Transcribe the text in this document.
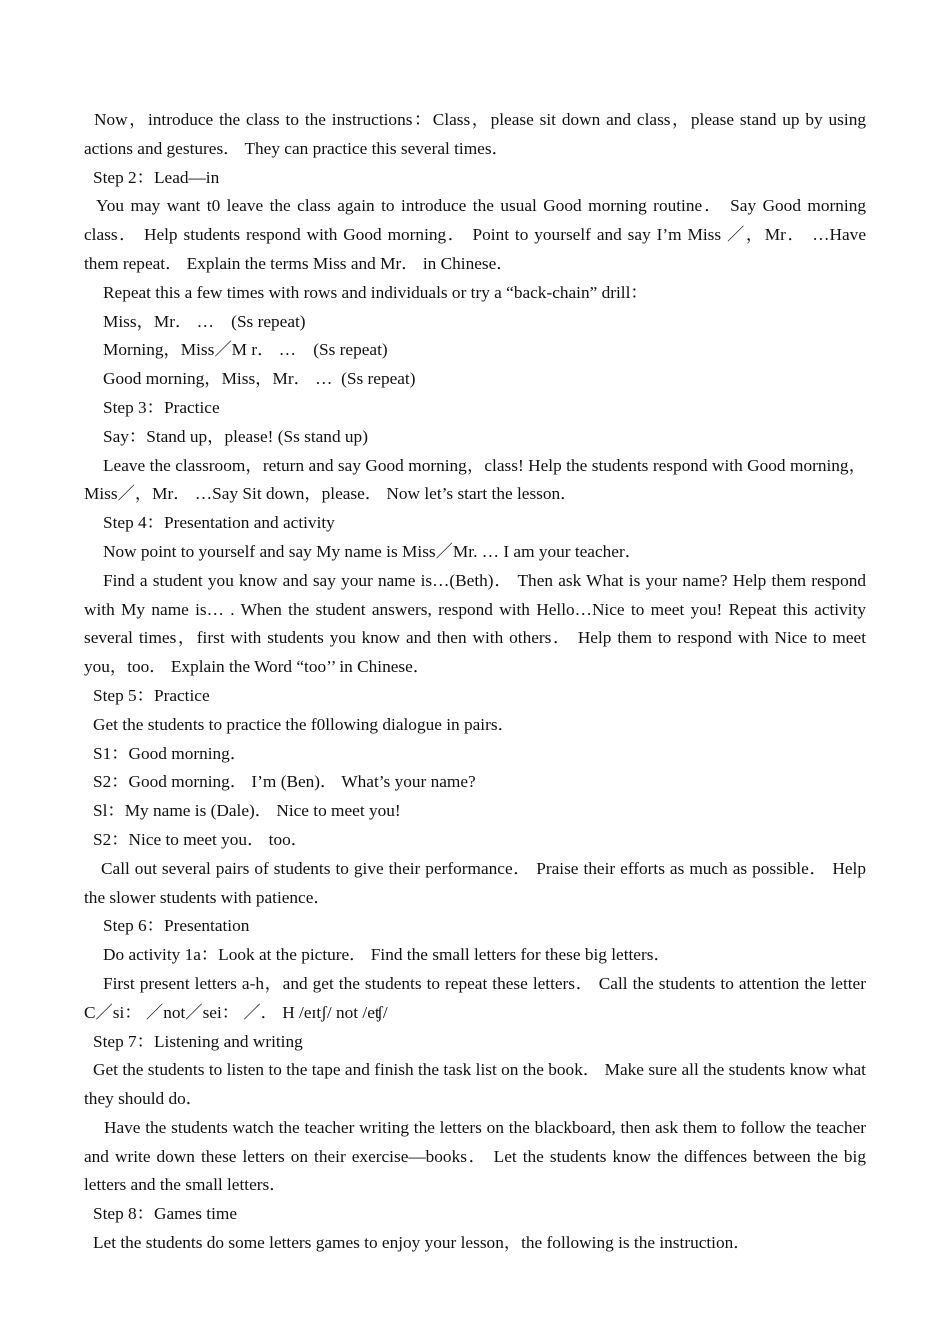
Now，introduce the class to the instructions：Class，please sit down and class，please stand up by using actions and gestures． They can practice this several times．

Step 2：Lead—in

You may want t0 leave the class again to introduce the usual Good morning routine． Say Good morning class． Help students respond with Good morning． Point to yourself and say I’m Miss ／，Mr． …Have them repeat． Explain the terms Miss and Mr． in Chinese．

Repeat this a few times with rows and individuals or try a “back-chain” drill：

Miss，Mr． …    (Ss repeat)

Morning，Miss／M r． …    (Ss repeat)

Good morning，Miss，Mr． …  (Ss repeat)

Step 3：Practice

Say：Stand up，please! (Ss stand up)

Leave the classroom，return and say Good morning，class! Help the students respond with Good morning，Miss／，Mr． …Say Sit down，please． Now let’s start the lesson．

Step 4：Presentation and activity

Now point to yourself and say My name is Miss／Mr. … I am your teacher．

Find a student you know and say your name is…(Beth)． Then ask What is your name? Help them respond with My name is… . When the student answers, respond with Hello…Nice to meet you! Repeat this activity several times，first with students you know and then with others． Help them to respond with Nice to meet you，too． Explain the Word “too’’ in Chinese．

Step 5：Practice

Get the students to practice the f0llowing dialogue in pairs．

S1：Good morning．

S2：Good morning． I’m (Ben)． What’s your name?

Sl：My name is (Dale)． Nice to meet you!

S2：Nice to meet you． too．

Call out several pairs of students to give their performance． Praise their efforts as much as possible． Help the slower students with patience．

Step 6：Presentation

Do activity 1a：Look at the picture． Find the small letters for these big letters．

First present letters a-h，and get the students to repeat these letters． Call the students to attention the letter C／si： ／not／sei： ／． H /eɪtʃ/ not /eʧ/

Step 7：Listening and writing

Get the students to listen to the tape and finish the task list on the book． Make sure all the students know what they should do．

Have the students watch the teacher writing the letters on the blackboard, then ask them to follow the teacher and write down these letters on their exercise—books． Let the students know the diffences between the big letters and the small letters．

Step 8：Games time

Let the students do some letters games to enjoy your lesson，the following is the instruction．
